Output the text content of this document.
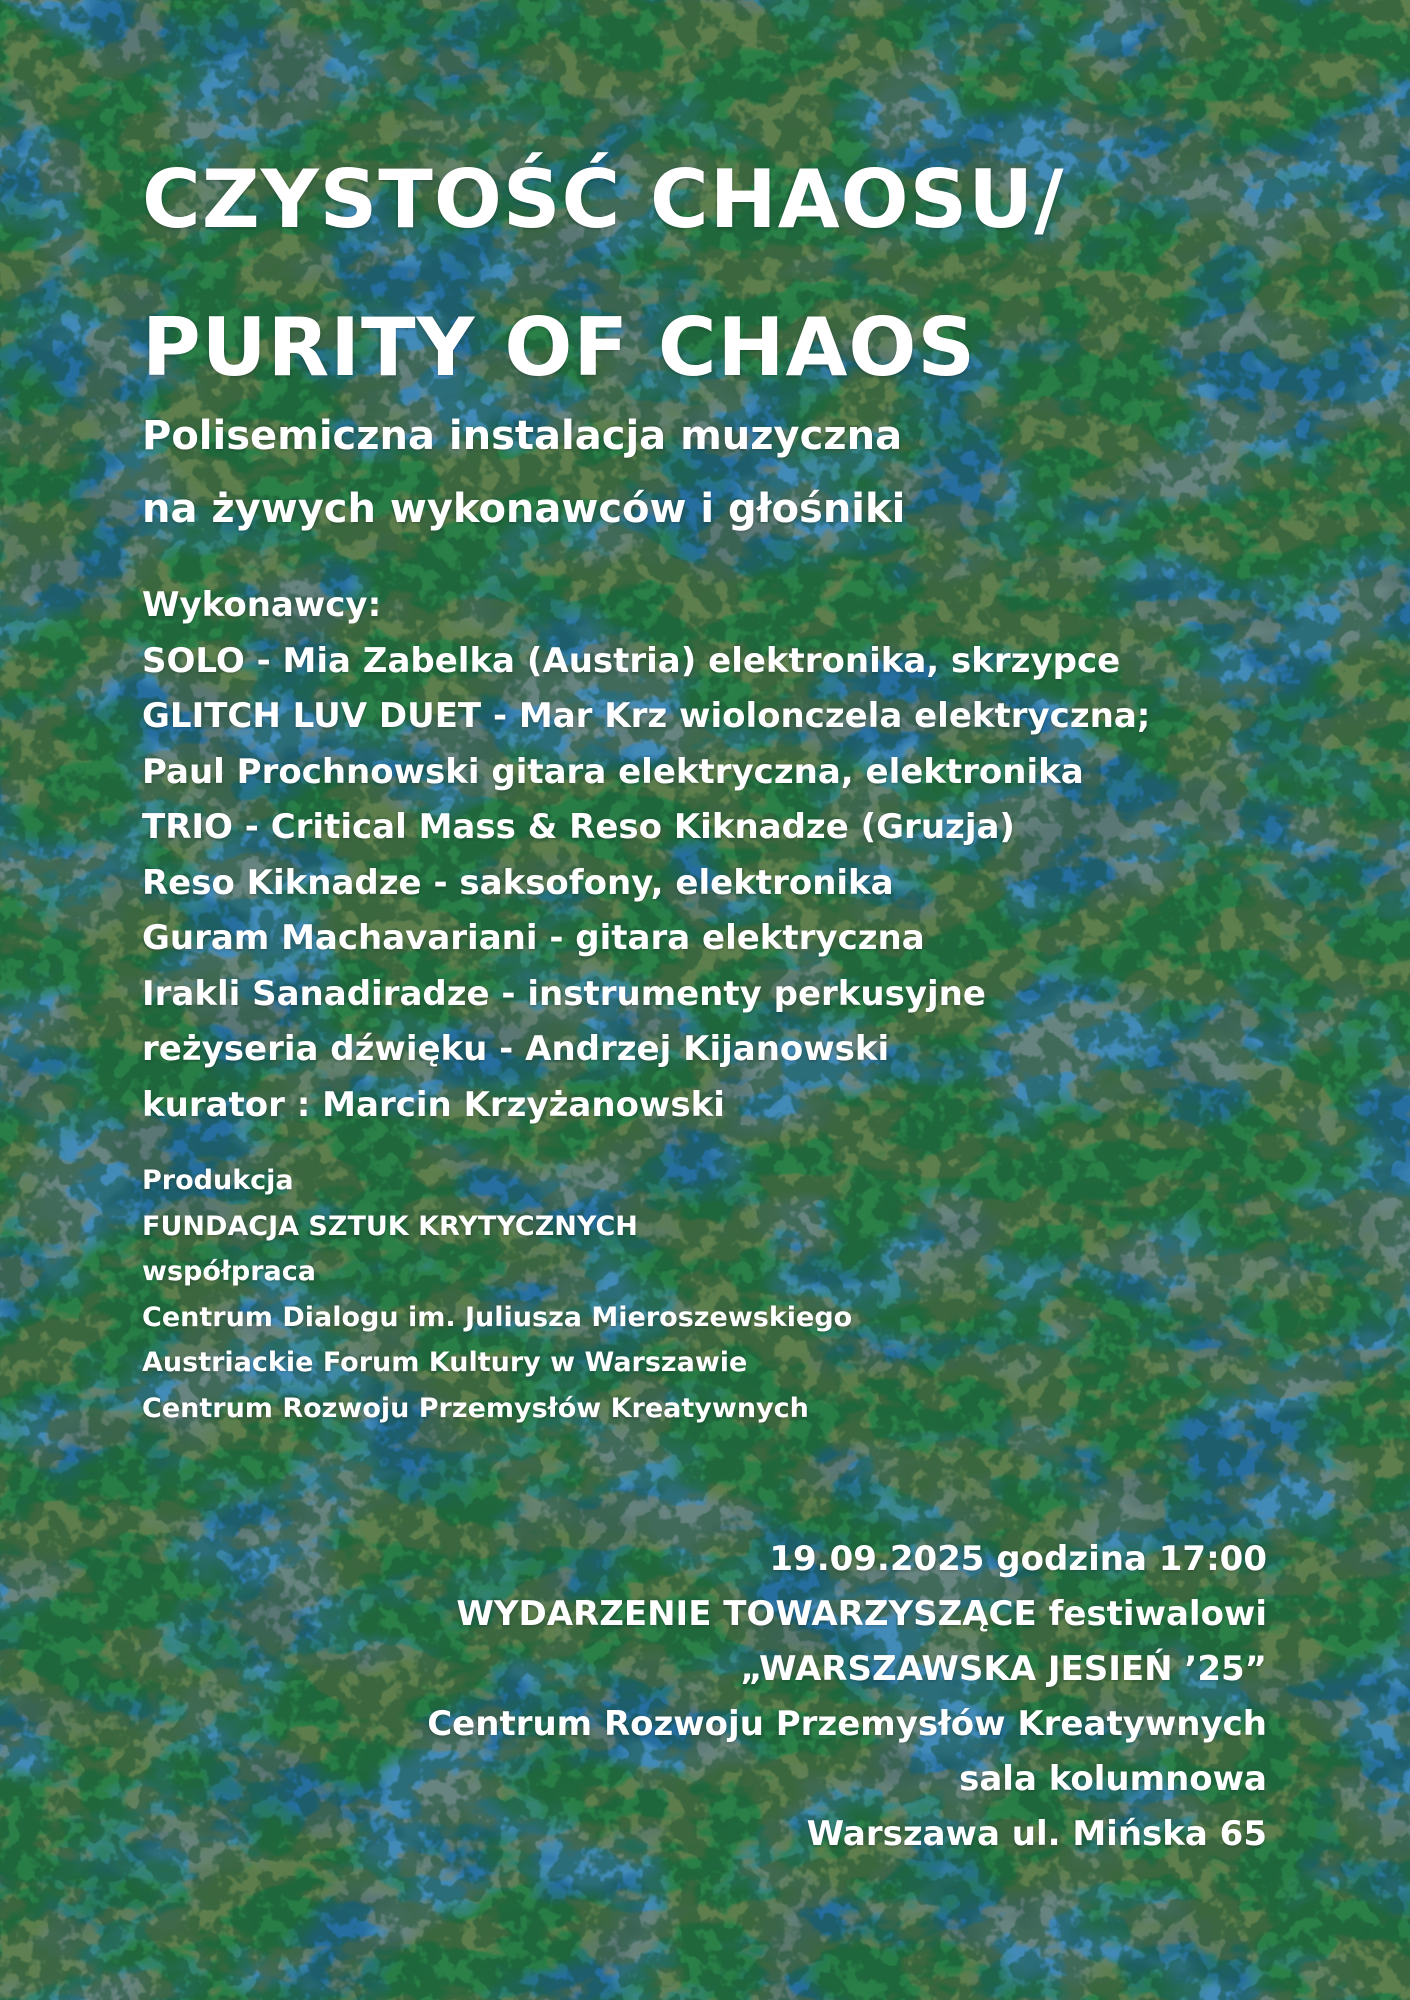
CZYSTOŚĆ CHAOSU/
PURITY OF CHAOS
Polisemiczna instalacja muzyczna
na żywych wykonawców i głośniki
Wykonawcy:
SOLO - Mia Zabelka (Austria) elektronika, skrzypce
GLITCH LUV DUET - Mar Krz wiolonczela elektryczna;
Paul Prochnowski gitara elektryczna, elektronika
TRIO - Critical Mass & Reso Kiknadze (Gruzja)
Reso Kiknadze - saksofony, elektronika
Guram Machavariani - gitara elektryczna
Irakli Sanadiradze - instrumenty perkusyjne
reżyseria dźwięku - Andrzej Kijanowski
kurator : Marcin Krzyżanowski
Produkcja
FUNDACJA SZTUK KRYTYCZNYCH
współpraca
Centrum Dialogu im. Juliusza Mieroszewskiego
Austriackie Forum Kultury w Warszawie
Centrum Rozwoju Przemysłów Kreatywnych
19.09.2025 godzina 17:00
WYDARZENIE TOWARZYSZĄCE festiwalowi
„WARSZAWSKA JESIEŃ ’25”
Centrum Rozwoju Przemysłów Kreatywnych
sala kolumnowa
Warszawa ul. Mińska 65
